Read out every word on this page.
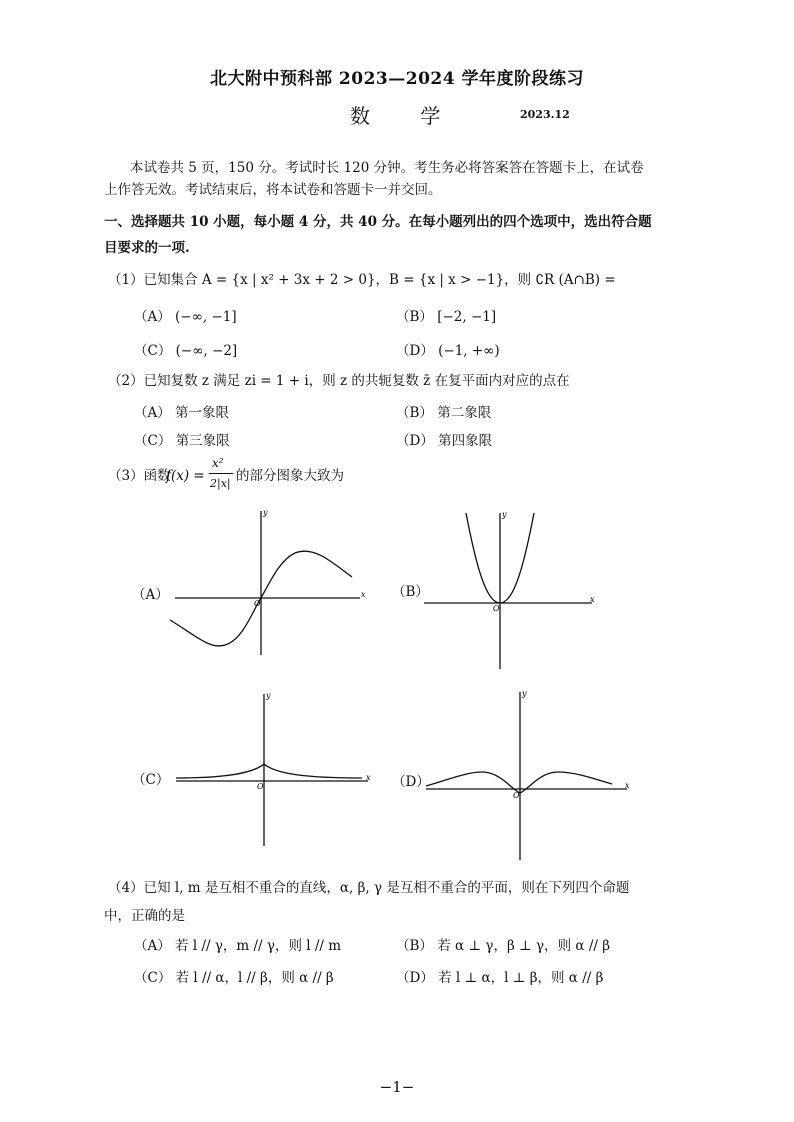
北大附中预科部 2023—2024 学年度阶段练习
数 学	2023.12
本试卷共 5 页，150 分。考试时长 120 分钟。考生务必将答案答在答题卡上，在试卷
上作答无效。考试结束后，将本试卷和答题卡一并交回。
一、选择题共 10 小题，每小题 4 分，共 40 分。在每小题列出的四个选项中，选出符合题
目要求的一项.
（1）已知集合 A = {x | x² + 3x + 2 > 0}，B = {x | x > −1}，则 ∁R (A∩B) =
（A） (−∞, −1]	（B） [−2, −1]
（C） (−∞, −2]	（D） (−1, +∞)
（2）已知复数 z 满足 zi = 1 + i，则 z 的共轭复数 z̄ 在复平面内对应的点在
（A） 第一象限	（B） 第二象限
（C） 第三象限	（D） 第四象限
（3）函数
f(x) =
x²
2|x| 的部分图象大致为
（A）	（B）
（C）	（D）
x
y
O	x
y
O
x
y
O	x
y
O
（4）已知 l, m 是互相不重合的直线，α, β, γ 是互相不重合的平面，则在下列四个命题
中，正确的是
（A） 若 l // γ，m // γ，则 l // m	（B） 若 α ⊥ γ，β ⊥ γ，则 α // β
（C） 若 l // α，l // β，则 α // β	（D） 若 l ⊥ α，l ⊥ β，则 α // β
−1−
